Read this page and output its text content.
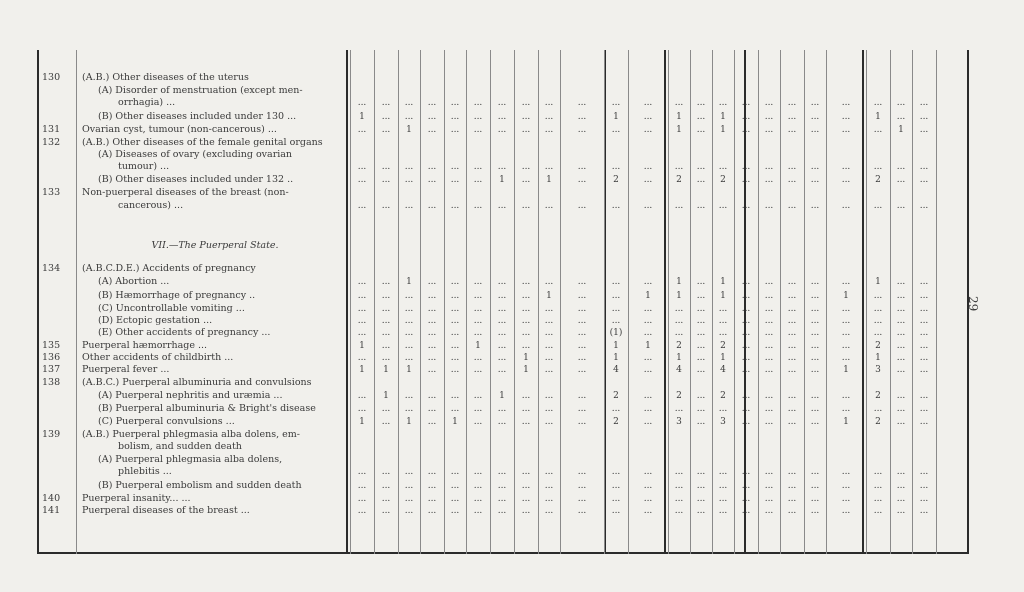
130	(A.B.) Other diseases of the uterus
(A) Disorder of menstruation (except men-
orrhagia) ...	...	...	...	...	...	...	...	...	...	...	...	...	...	...	...	...	...	...	...	...	...	...	...
(B) Other diseases included under 130 ...	1	...	...	...	...	...	...	...	...	...	1	...	1	...	1	...	...	...	...	...	1	...	...
131	Ovarian cyst, tumour (non-cancerous) ...	...	...	1	...	...	...	...	...	...	...	...	...	1	...	1	...	...	...	...	...	...	1	...
132	(A.B.) Other diseases of the female genital organs
(A) Diseases of ovary (excluding ovarian
tumour) ...	...	...	...	...	...	...	...	...	...	...	...	...	...	...	...	...	...	...	...	...	...	...	...
(B) Other diseases included under 132 ..	...	...	...	...	...	...	1	...	1	...	2	...	2	...	2	...	...	...	...	...	2	...	...
133	Non-puerperal diseases of the breast (non-
cancerous) ...	...	...	...	...	...	...	...	...	...	...	...	...	...	...	...	...	...	...	...	...	...	...	...
134	(A.B.C.D.E.) Accidents of pregnancy
(A) Abortion ...	...	...	1	...	...	...	...	...	...	...	...	...	1	...	1	...	...	...	...	...	1	...	...
(B) Hæmorrhage of pregnancy ..	...	...	...	...	...	...	...	...	1	...	...	1	1	...	1	...	...	...	...	1	...	...	...
(C) Uncontrollable vomiting ...	...	...	...	...	...	...	...	...	...	...	...	...	...	...	...	...	...	...	...	...	...	...	...
(D) Ectopic gestation ...	...	...	...	...	...	...	...	...	...	...	...	...	...	...	...	...	...	...	...	...	...	...	...
(E) Other accidents of pregnancy ...	...	...	...	...	...	...	...	...	...	...	(1)	...	...	...	...	...	...	...	...	...	...	...	...
135	Puerperal hæmorrhage ...	1	...	...	...	...	1	...	...	...	...	1	1	2	...	2	...	...	...	...	...	2	...	...
136	Other accidents of childbirth ...	...	...	...	...	...	...	...	1	...	...	1	...	1	...	1	...	...	...	...	...	1	...	...
137	Puerperal fever ...	1	1	1	...	...	...	...	1	...	...	4	...	4	...	4	...	...	...	...	1	3	...	...
138	(A.B.C.) Puerperal albuminuria and convulsions
(A) Puerperal nephritis and uræmia ...	...	1	...	...	...	...	1	...	...	...	2	...	2	...	2	...	...	...	...	...	2	...	...
(B) Puerperal albuminuria & Bright's disease	...	...	...	...	...	...	...	...	...	...	...	...	...	...	...	...	...	...	...	...	...	...	...
(C) Puerperal convulsions ...	1	...	1	...	1	...	...	...	...	...	2	...	3	...	3	...	...	...	...	1	2	...	...
139	(A.B.) Puerperal phlegmasia alba dolens, em-
bolism, and sudden death
(A) Puerperal phlegmasia alba dolens,
phlebitis ...	...	...	...	...	...	...	...	...	...	...	...	...	...	...	...	...	...	...	...	...	...	...	...
(B) Puerperal embolism and sudden death	...	...	...	...	...	...	...	...	...	...	...	...	...	...	...	...	...	...	...	...	...	...	...
140	Puerperal insanity... ...	...	...	...	...	...	...	...	...	...	...	...	...	...	...	...	...	...	...	...	...	...	...	...
141	Puerperal diseases of the breast ...	...	...	...	...	...	...	...	...	...	...	...	...	...	...	...	...	...	...	...	...	...	...	...
VII.—The Puerperal State.
29
